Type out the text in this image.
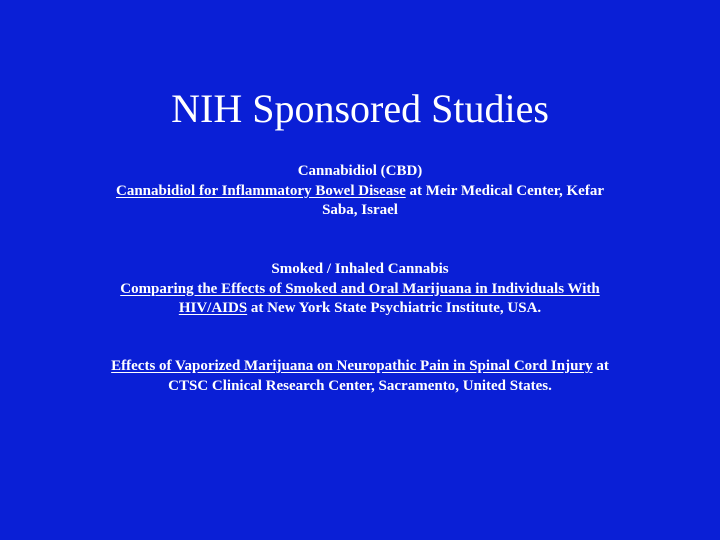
NIH Sponsored Studies

Cannabidiol (CBD)

Cannabidiol for Inflammatory Bowel Disease at Meir Medical Center, Kefar Saba, Israel

Smoked / Inhaled Cannabis

Comparing the Effects of Smoked and Oral Marijuana in Individuals With HIV/AIDS at New York State Psychiatric Institute, USA.

Effects of Vaporized Marijuana on Neuropathic Pain in Spinal Cord Injury at CTSC Clinical Research Center, Sacramento, United States.
